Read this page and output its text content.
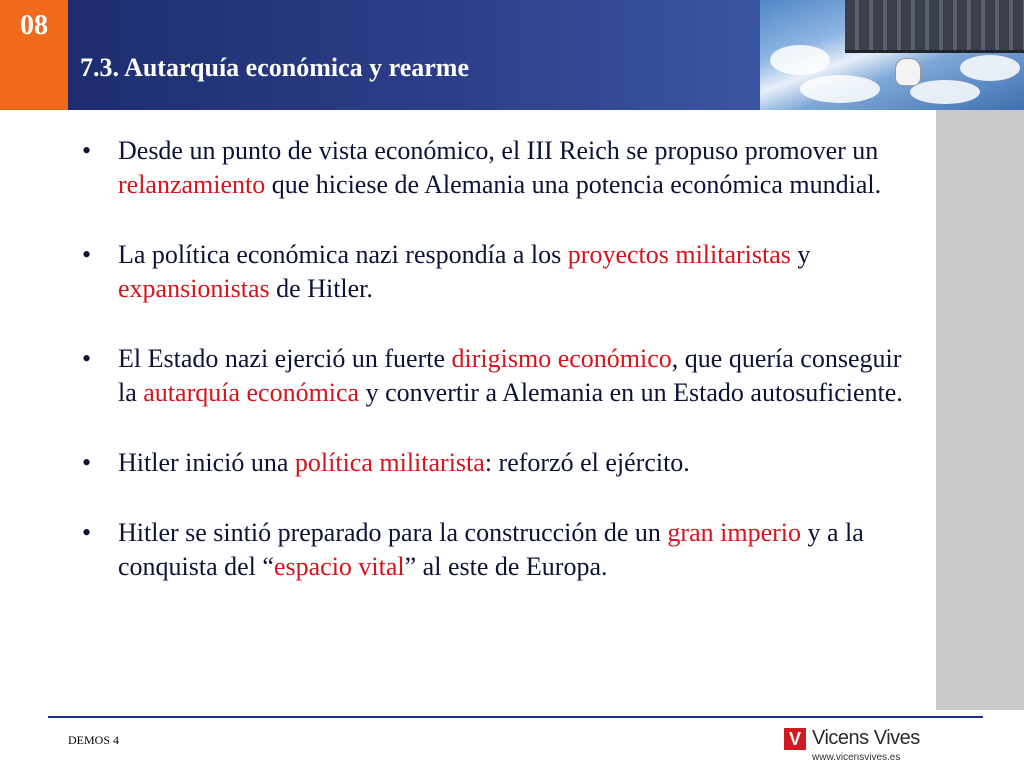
08
7.3. Autarquía económica y rearme
• Desde un punto de vista económico, el III Reich se propuso promover un relanzamiento que hiciese de Alemania una potencia económica mundial.
• La política económica nazi respondía a los proyectos militaristas y expansionistas de Hitler.
• El Estado nazi ejerció un fuerte dirigismo económico, que quería conseguir la autarquía económica y convertir a Alemania en un Estado autosuficiente.
• Hitler inició una política militarista: reforzó el ejército.
• Hitler se sintió preparado para la construcción de un gran imperio y a la conquista del “espacio vital” al este de Europa.
DEMOS 4	V Vicens Vives
www.vicensvives.es
